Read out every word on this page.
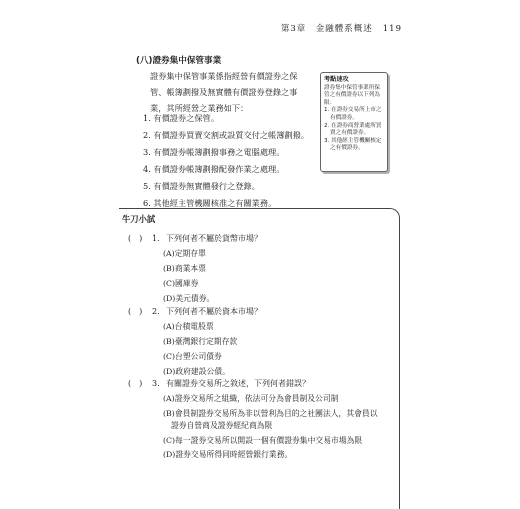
第3章　金融體系概述 119
(八)證券集中保管事業
證券集中保管事業係指經營有價證券之保管、帳簿劃撥及無實體有價證券登錄之事業，其所經營之業務如下：
1. 有價證券之保管。
2. 有價證券買賣交割或設質交付之帳簿劃撥。
3. 有價證券帳簿劃撥事務之電腦處理。
4. 有價證券帳簿劃撥配發作業之處理。
5. 有價證券無實體發行之登錄。
6. 其他經主管機關核准之有關業務。
考點速攻
證券集中保管事業所保管之有價證券以下列為限：
1. 在證券交易所上市之有價證券。
2. 在證券商營業處所買賣之有價證券。
3. 其他經主管機關核定之有價證券。
牛刀小試
(　) 1. 下列何者不屬於貨幣市場？
(A)定期存單
(B)商業本票
(C)國庫券
(D)美元債券。
(　) 2. 下列何者不屬於資本市場？
(A)台積電股票
(B)臺灣銀行定期存款
(C)台塑公司債券
(D)政府建設公債。
(　) 3. 有關證券交易所之敘述，下列何者錯誤？
(A)證券交易所之組織，依法可分為會員制及公司制
(B)會員制證券交易所為非以營利為目的之社團法人，其會員以
證券自營商及證券經紀商為限
(C)每一證券交易所以開設一個有價證券集中交易市場為限
(D)證券交易所得同時經營銀行業務。
